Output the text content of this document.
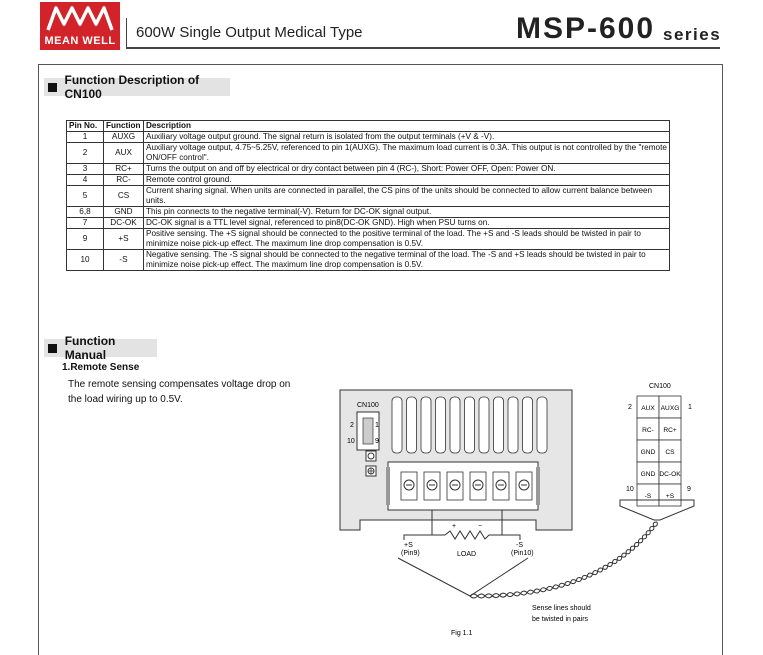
MEAN WELL 600W Single Output Medical Type	MSP-600 series
Function Description of CN100
Pin No.	Function	Description
1	AUXG	Auxiliary voltage output ground. The signal return is isolated from the output terminals (+V & -V).
2	AUX	Auxiliary voltage output, 4.75~5.25V, referenced to pin 1(AUXG). The maximum load current is 0.3A. This output is not controlled by the "remote ON/OFF control".
3	RC+	Turns the output on and off by electrical or dry contact between pin 4 (RC-), Short: Power OFF, Open: Power ON.
4	RC-	Remote control ground.
5	CS	Current sharing signal. When units are connected in parallel, the CS pins of the units should be connected to allow current balance between units.
6,8	GND	This pin connects to the negative terminal(-V). Return for DC-OK signal output.
7	DC-OK	DC-OK signal is a TTL level signal, referenced to pin8(DC-OK GND). High when PSU turns on.
9	+S	Positive sensing. The +S signal should be connected to the positive terminal of the load. The +S and -S leads should be twisted in pair to minimize noise pick-up effect. The maximum line drop compensation is 0.5V.
10	-S	Negative sensing. The -S signal should be connected to the negative terminal of the load. The -S and +S leads should be twisted in pair to minimize noise pick-up effect. The maximum line drop compensation is 0.5V.
Function Manual
1.Remote Sense
The remote sensing compensates voltage drop on the load wiring up to 0.5V.
CN100
2	1
10	9
+	−
LOAD
+S
(Pin9)
-S
(Pin10)
CN100
AUX AUXG
RC- RC+
GND CS
GND DC-OK
-S +S
2	1
10	9
Sense lines should
be twisted in pairs
Fig 1.1
